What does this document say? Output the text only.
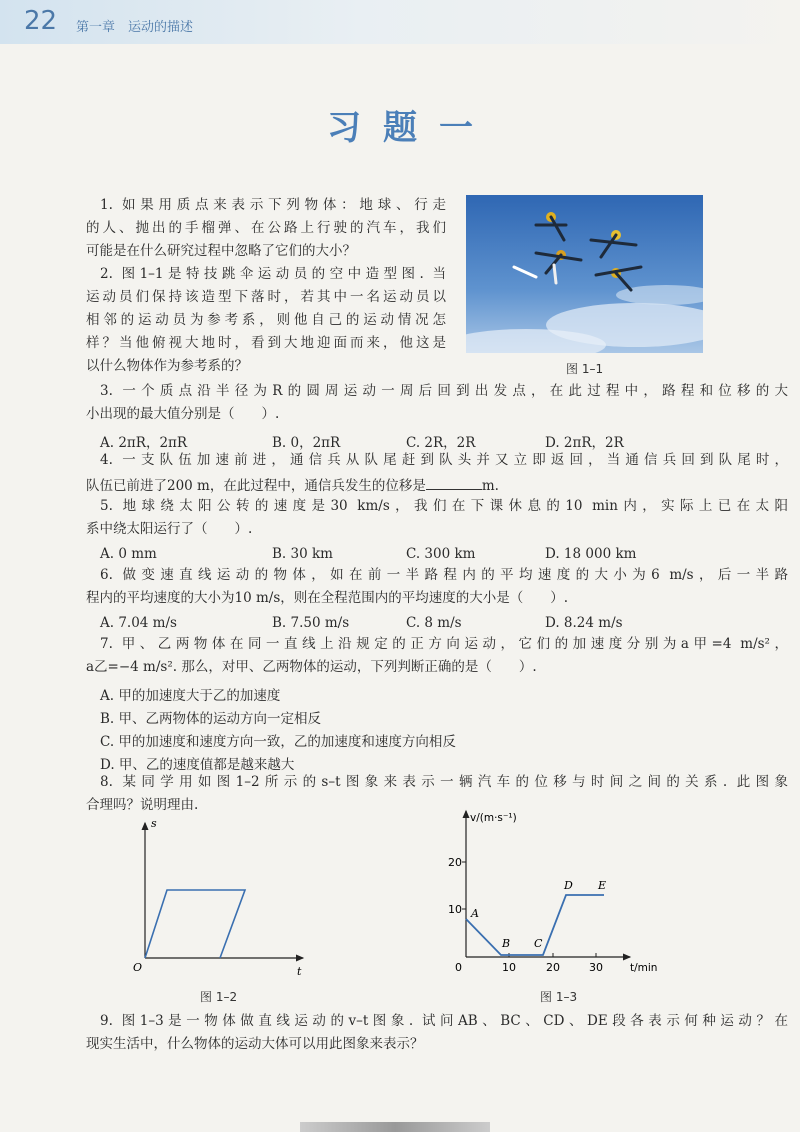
22 第一章　运动的描述
习题一
1. 如果用质点来表示下列物体：地球、行走
的人、抛出的手榴弹、在公路上行驶的汽车，我们
可能是在什么研究过程中忽略了它们的大小？
2. 图1–1是特技跳伞运动员的空中造型图. 当
运动员们保持该造型下落时，若其中一名运动员以
相邻的运动员为参考系，则他自己的运动情况怎
样？当他俯视大地时，看到大地迎面而来，他这是
以什么物体作为参考系的？	图 1–1
3. 一个质点沿半径为R的圆周运动一周后回到出发点，在此过程中，路程和位移的大
小出现的最大值分别是（　　）.
A. 2πR，2πR	B. 0，2πR	C. 2R，2R	D. 2πR，2R
4. 一支队伍加速前进，通信兵从队尾赶到队头并又立即返回，当通信兵回到队尾时，
队伍已前进了200 m，在此过程中，通信兵发生的位移是	m.
5. 地球绕太阳公转的速度是30 km/s，我们在下课休息的10 min内，实际上已在太阳
系中绕太阳运行了（　　）.
A. 0 mm	B. 30 km	C. 300 km	D. 18 000 km
6. 做变速直线运动的物体，如在前一半路程内的平均速度的大小为6 m/s，后一半路
程内的平均速度的大小为10 m/s，则在全程范围内的平均速度的大小是（　　）.
A. 7.04 m/s	B. 7.50 m/s	C. 8 m/s	D. 8.24 m/s
7. 甲、乙两物体在同一直线上沿规定的正方向运动，它们的加速度分别为a甲=4 m/s²，
a乙=−4 m/s². 那么，对甲、乙两物体的运动，下列判断正确的是（　　）.
A. 甲的加速度大于乙的加速度
B. 甲、乙两物体的运动方向一定相反
C. 甲的加速度和速度方向一致，乙的加速度和速度方向相反
D. 甲、乙的速度值都是越来越大
8. 某同学用如图1–2所示的s–t图象来表示一辆汽车的位移与时间之间的关系. 此图象
合理吗？说明理由.
s
t
O
图 1–2
v/(m·s⁻¹)
t/min
0
10
20
10	20	30
A
B C
D E
图 1–3
9. 图1–3是一物体做直线运动的v–t图象. 试问AB、BC、CD、DE段各表示何种运动？在
现实生活中，什么物体的运动大体可以用此图象来表示？
